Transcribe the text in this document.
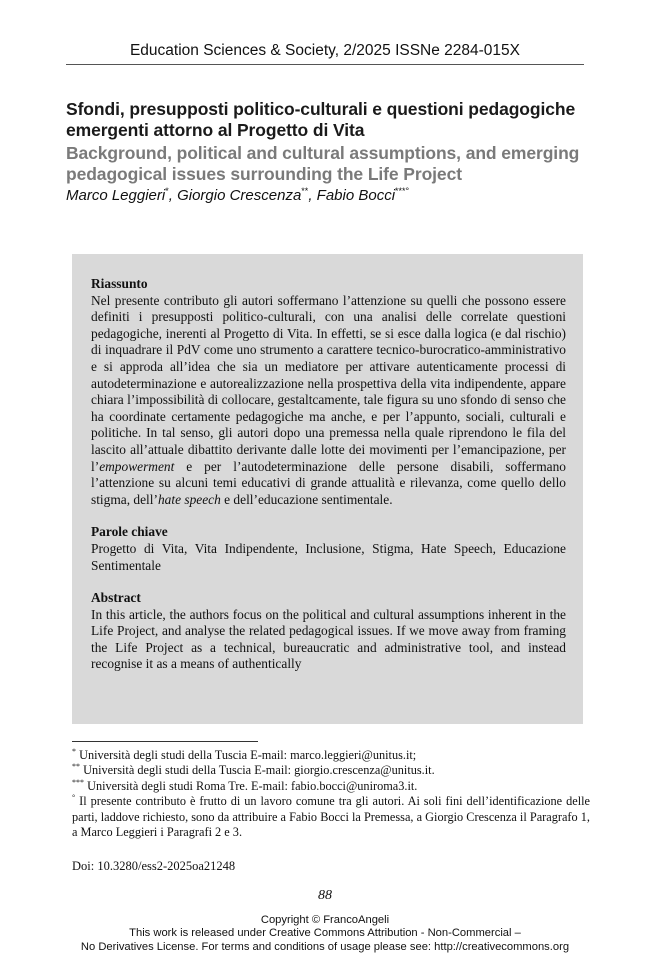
Education Sciences & Society, 2/2025 ISSNe 2284-015X

Sfondi, presupposti politico-culturali e questioni pedagogiche emergenti attorno al Progetto di Vita

Background, political and cultural assumptions, and emerging pedagogical issues surrounding the Life Project

Marco Leggieri*, Giorgio Crescenza**, Fabio Bocci***°

Riassunto

Nel presente contributo gli autori soffermano l’attenzione su quelli che possono essere definiti i presupposti politico-culturali, con una analisi delle correlate questioni pedagogiche, inerenti al Progetto di Vita. In effetti, se si esce dalla logica (e dal rischio) di inquadrare il PdV come uno strumento a carattere tecnico-burocratico-amministrativo e si approda all’idea che sia un mediatore per attivare autenticamente processi di autodeterminazione e autorealizzazione nella prospettiva della vita indipendente, appare chiara l’impossibilità di collocare, gestaltcamente, tale figura su uno sfondo di senso che ha coordinate certamente pedagogiche ma anche, e per l’appunto, sociali, culturali e politiche. In tal senso, gli autori dopo una premessa nella quale riprendono le fila del lascito all’attuale dibattito derivante dalle lotte dei movimenti per l’emancipazione, per l’empowerment e per l’autodeterminazione delle persone disabili, soffermano l’attenzione su alcuni temi educativi di grande attualità e rilevanza, come quello dello stigma, dell’hate speech e dell’educazione sentimentale.

Parole chiave

Progetto di Vita, Vita Indipendente, Inclusione, Stigma, Hate Speech, Educazione Sentimentale

Abstract

In this article, the authors focus on the political and cultural assumptions inherent in the Life Project, and analyse the related pedagogical issues. If we move away from framing the Life Project as a technical, bureaucratic and administrative tool, and instead recognise it as a means of authentically

* Università degli studi della Tuscia E-mail: marco.leggieri@unitus.it;

** Università degli studi della Tuscia E-mail: giorgio.crescenza@unitus.it.

*** Università degli studi Roma Tre. E-mail: fabio.bocci@uniroma3.it.

° Il presente contributo è frutto di un lavoro comune tra gli autori. Ai soli fini dell’identificazione delle parti, laddove richiesto, sono da attribuire a Fabio Bocci la Premessa, a Giorgio Crescenza il Paragrafo 1, a Marco Leggieri i Paragrafi 2 e 3.

Doi: 10.3280/ess2-2025oa21248
88

Copyright © FrancoAngeli

This work is released under Creative Commons Attribution - Non-Commercial –

No Derivatives License. For terms and conditions of usage please see: http://creativecommons.org
